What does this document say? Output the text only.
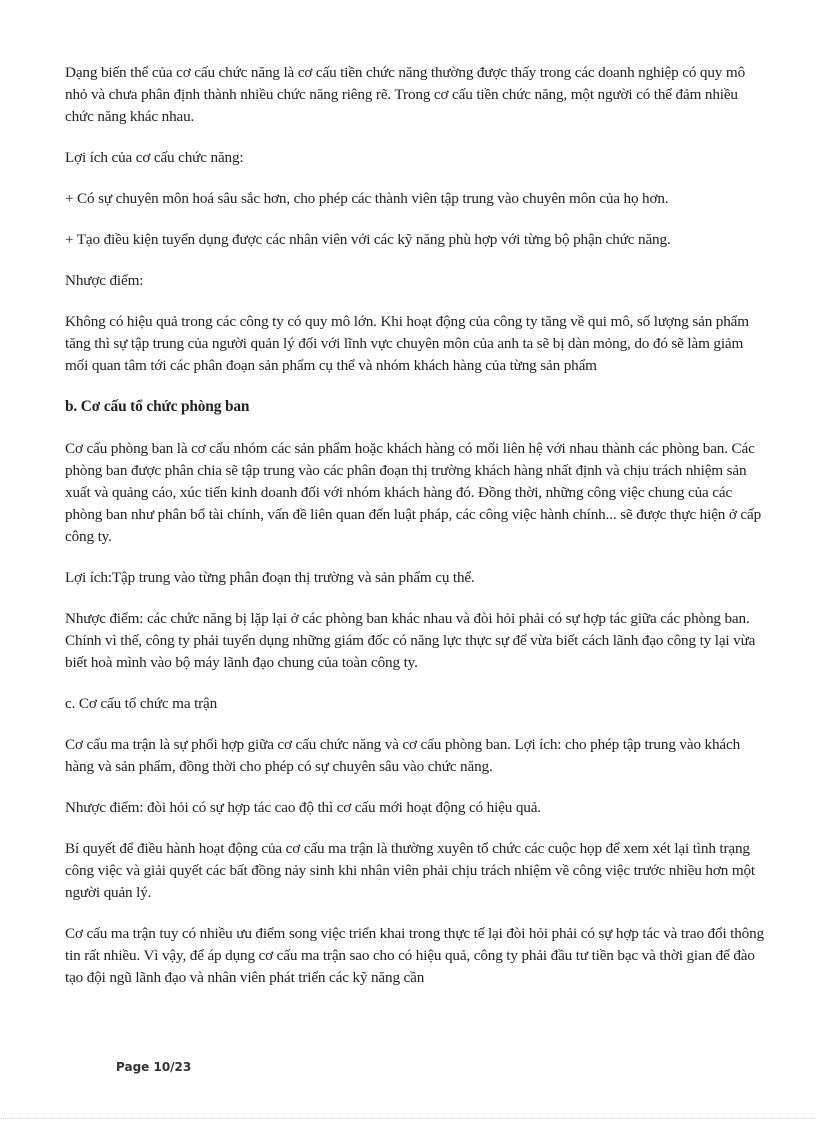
Dạng biến thể của cơ cấu chức năng là cơ cấu tiền chức năng thường được thấy trong các doanh nghiệp có quy mô nhỏ và chưa phân định thành nhiều chức năng riêng rẽ. Trong cơ cấu tiền chức năng, một người có thể đảm nhiều chức năng khác nhau.

Lợi ích của cơ cấu chức năng:

+ Có sự chuyên môn hoá sâu sắc hơn, cho phép các thành viên tập trung vào chuyên môn của họ hơn.

+ Tạo điều kiện tuyển dụng được các nhân viên với các kỹ năng phù hợp với từng bộ phận chức năng.

Nhược điểm:

Không có hiệu quả trong các công ty có quy mô lớn. Khi hoạt động của công ty tăng về qui mô, số lượng sản phẩm tăng thì sự tập trung của người quản lý đối với lĩnh vực chuyên môn của anh ta sẽ bị dàn mỏng, do đó sẽ làm giảm mối quan tâm tới các phân đoạn sản phẩm cụ thể và nhóm khách hàng của từng sản phẩm

b. Cơ cấu tổ chức phòng ban

Cơ cấu phòng ban là cơ cấu nhóm các sản phẩm hoặc khách hàng có mối liên hệ với nhau thành các phòng ban. Các phòng ban được phân chia sẽ tập trung vào các phân đoạn thị trường khách hàng nhất định và chịu trách nhiệm sản xuất và quảng cáo, xúc tiến kinh doanh đối với nhóm khách hàng đó. Đồng thời, những công việc chung của các phòng ban như phân bổ tài chính, vấn đề liên quan đến luật pháp, các công việc hành chính... sẽ được thực hiện ở cấp công ty.

Lợi ích:Tập trung vào từng phân đoạn thị trường và sản phẩm cụ thể.

Nhược điểm: các chức năng bị lặp lại ở các phòng ban khác nhau và đòi hỏi phải có sự hợp tác giữa các phòng ban. Chính vì thế, công ty phải tuyển dụng những giám đốc có năng lực thực sự để vừa biết cách lãnh đạo công ty lại vừa biết hoà mình vào bộ máy lãnh đạo chung của toàn công ty.

c. Cơ cấu tổ chức ma trận

Cơ cấu ma trận là sự phối hợp giữa cơ cấu chức năng và cơ cấu phòng ban. Lợi ích: cho phép tập trung vào khách hàng và sản phẩm, đồng thời cho phép có sự chuyên sâu vào chức năng.

Nhược điểm: đòi hỏi có sự hợp tác cao độ thì cơ cấu mới hoạt động có hiệu quả.

Bí quyết để điều hành hoạt động của cơ cấu ma trận là thường xuyên tổ chức các cuộc họp để xem xét lại tình trạng công việc và giải quyết các bất đồng nảy sinh khi nhân viên phải chịu trách nhiệm về công việc trước nhiều hơn một người quản lý.

Cơ cấu ma trận tuy có nhiều ưu điểm song việc triển khai trong thực tế lại đòi hỏi phải có sự hợp tác và trao đổi thông tin rất nhiều. Vì vậy, để áp dụng cơ cấu ma trận sao cho có hiệu quả, công ty phải đầu tư tiền bạc và thời gian để đào tạo đội ngũ lãnh đạo và nhân viên phát triển các kỹ năng cần

Page 10/23
